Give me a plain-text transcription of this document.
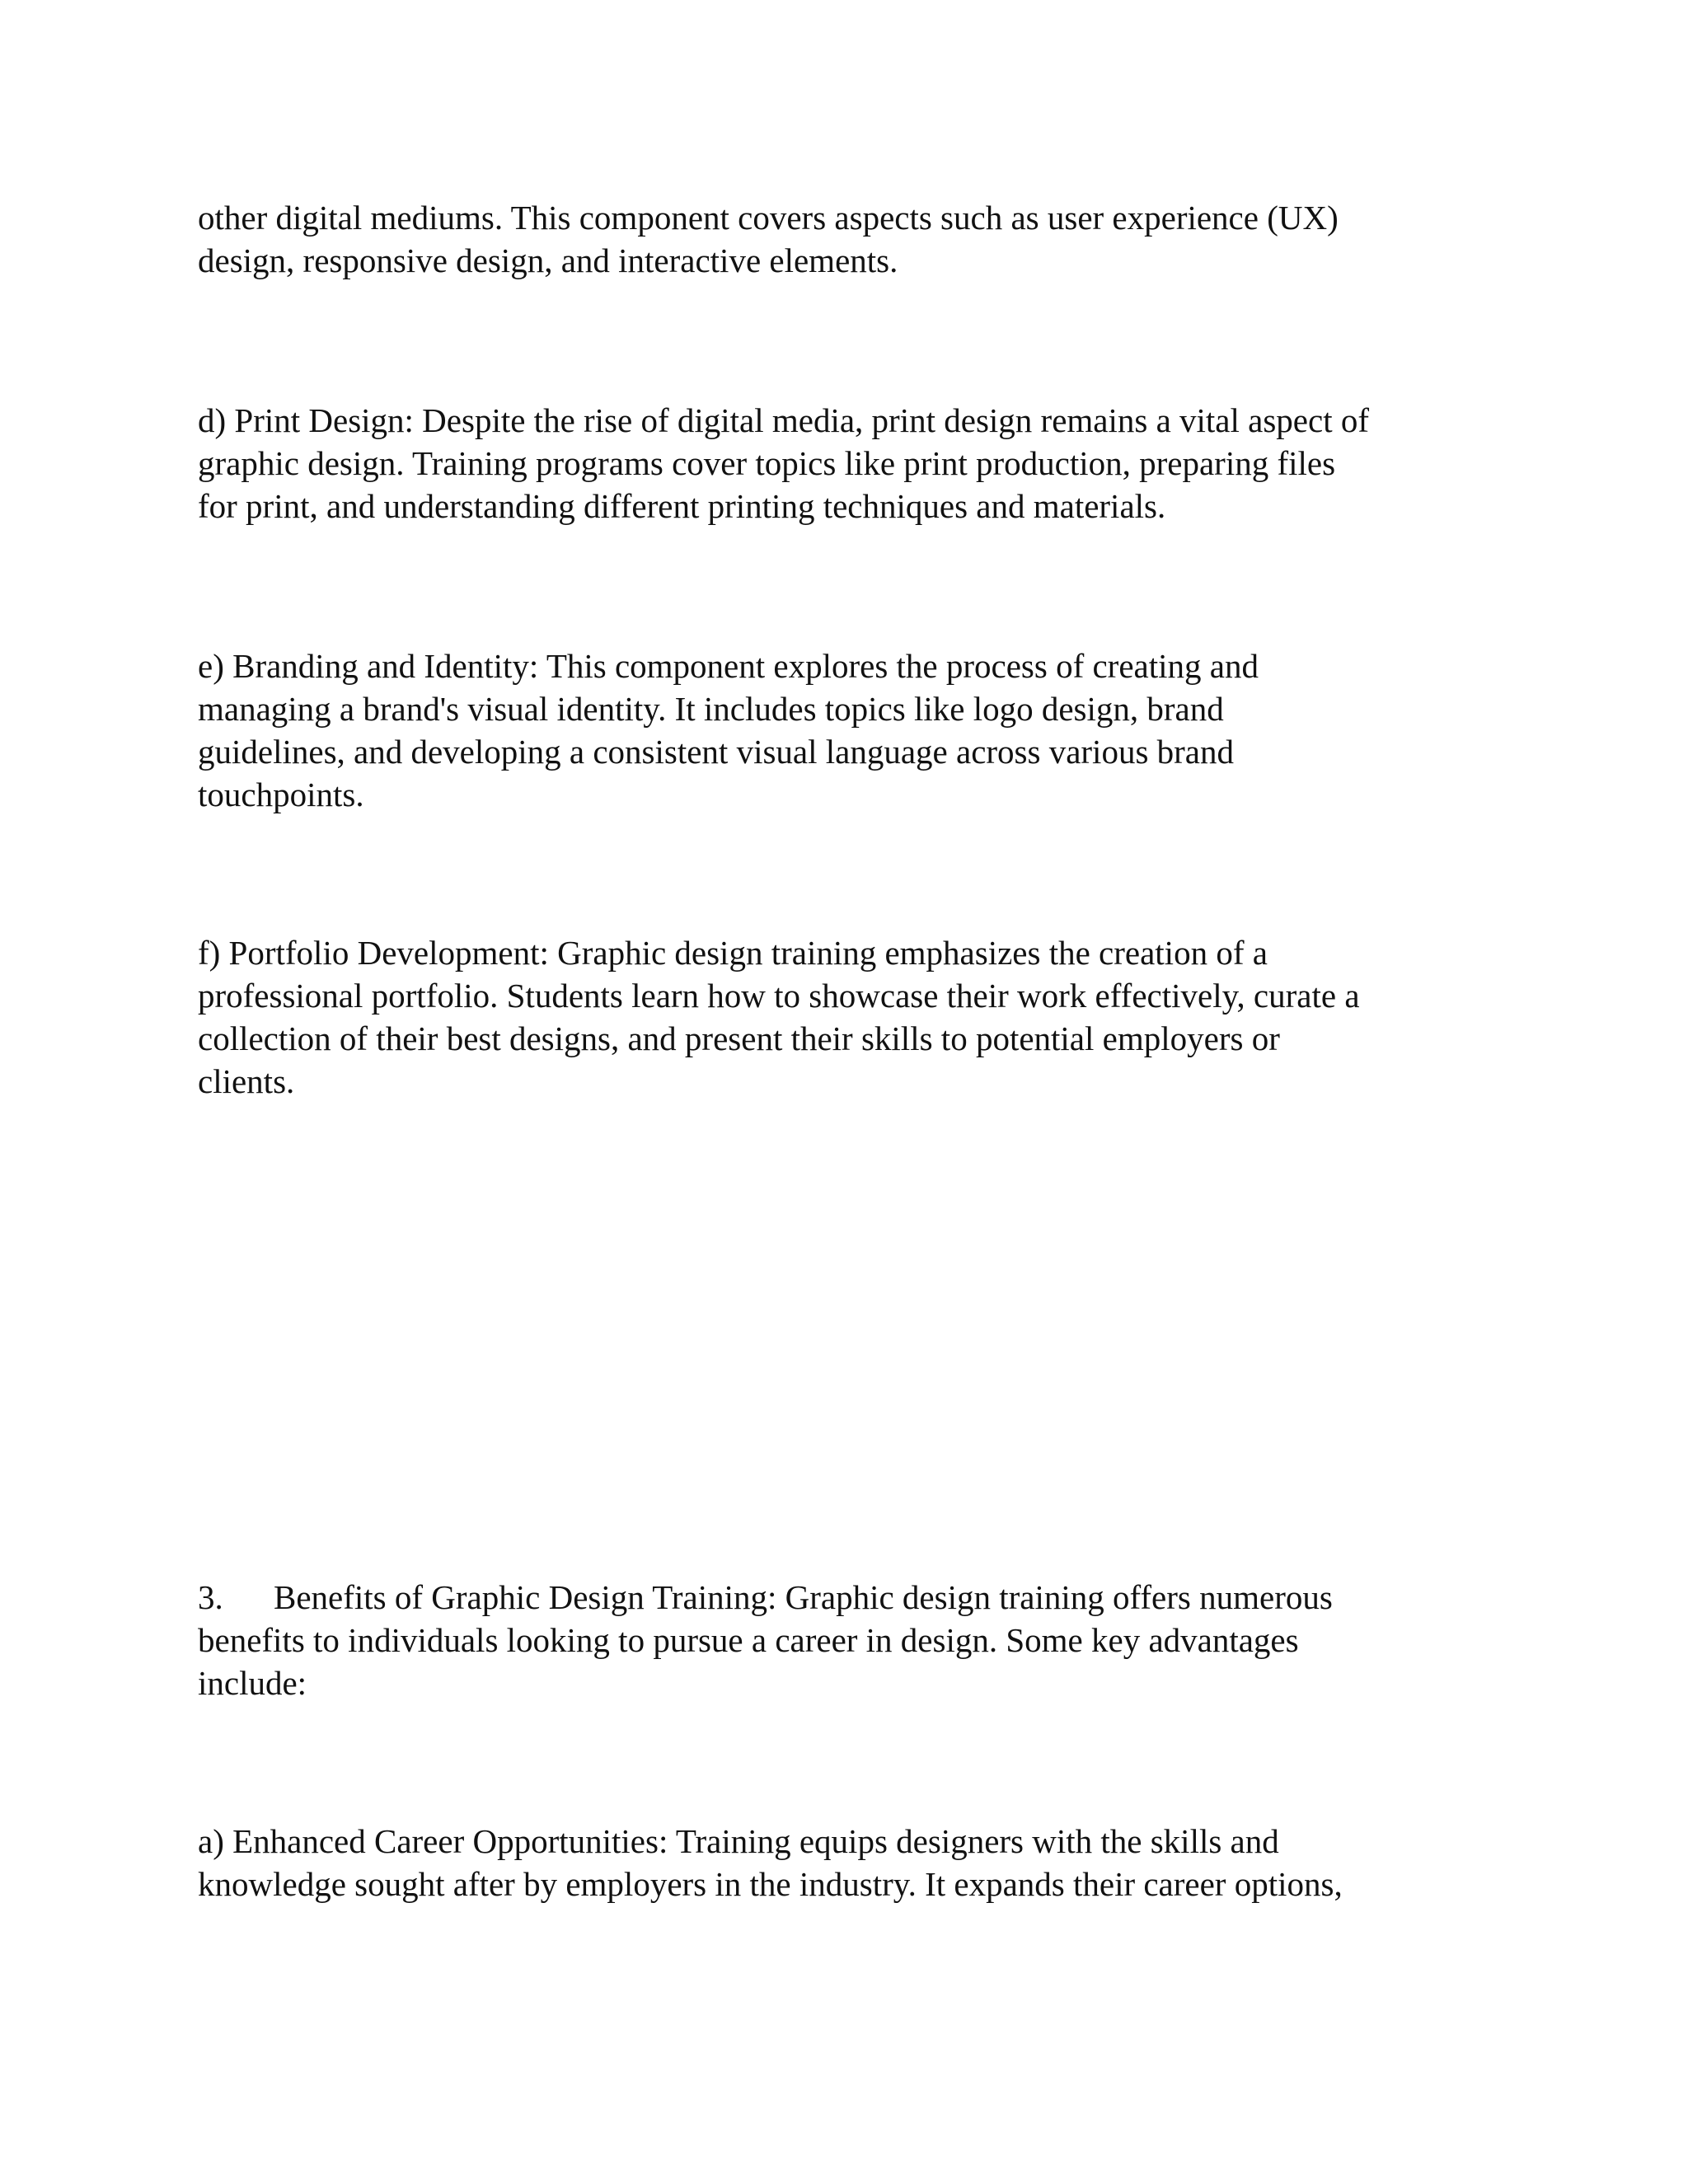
other digital mediums. This component covers aspects such as user experience (UX)
design, responsive design, and interactive elements.

d) Print Design: Despite the rise of digital media, print design remains a vital aspect of
graphic design. Training programs cover topics like print production, preparing files
for print, and understanding different printing techniques and materials.

e) Branding and Identity: This component explores the process of creating and
managing a brand's visual identity. It includes topics like logo design, brand
guidelines, and developing a consistent visual language across various brand
touchpoints.

f) Portfolio Development: Graphic design training emphasizes the creation of a
professional portfolio. Students learn how to showcase their work effectively, curate a
collection of their best designs, and present their skills to potential employers or
clients.

3. Benefits of Graphic Design Training: Graphic design training offers numerous
benefits to individuals looking to pursue a career in design. Some key advantages
include:

a) Enhanced Career Opportunities: Training equips designers with the skills and
knowledge sought after by employers in the industry. It expands their career options,
